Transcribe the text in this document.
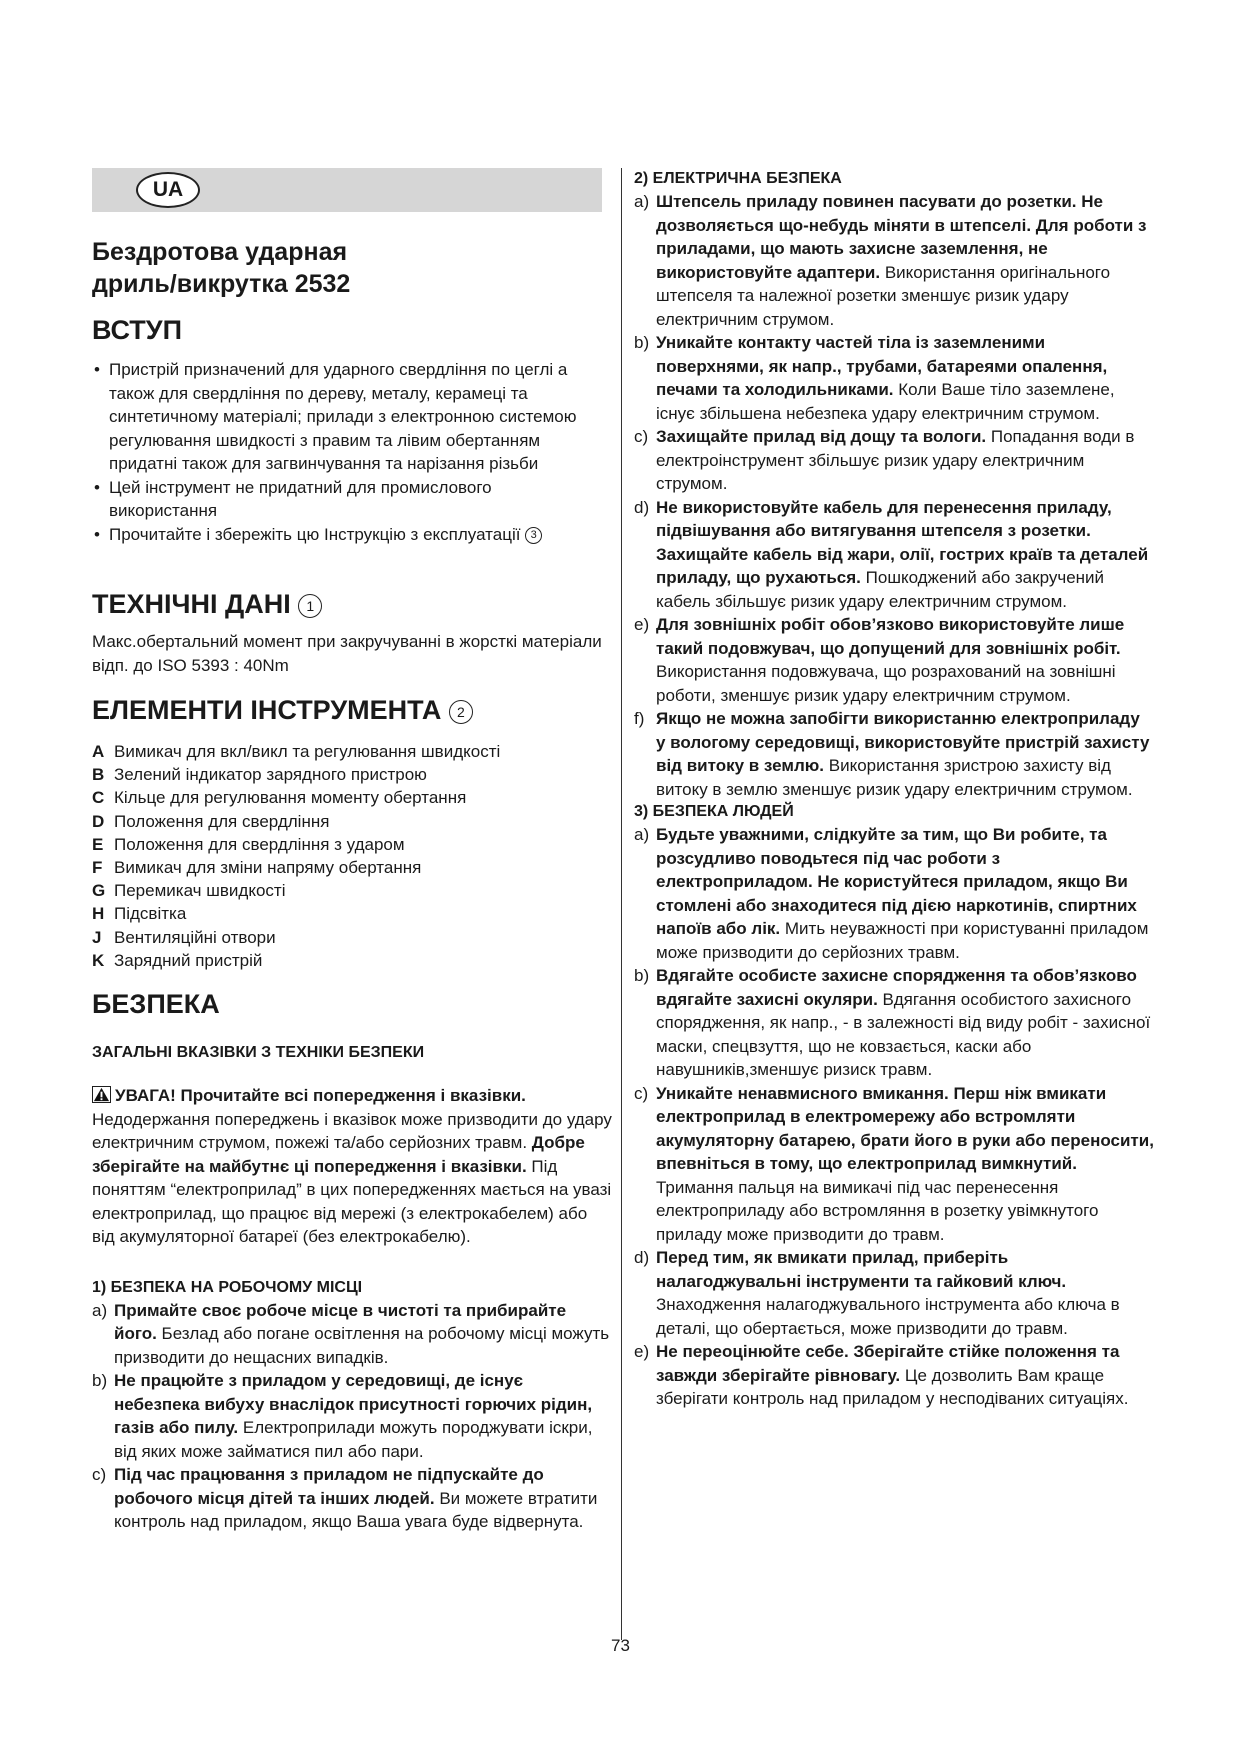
UA
Бездротова ударная
дриль/викрутка 2532
ВСТУП
• Пристрій призначений для ударного свердління по цеглі а також для свердління по дереву, металу, керамеці та синтетичному матеріалі; прилади з електронною системою регулювання швидкості з правим та лівим обертанням придатні також для загвинчування та нарізання різьби
• Цей інструмент не придатний для промислового використання
• Прочитайте і збережіть цю Інструкцію з експлуатації 3
ТЕХНІЧНІ ДАНІ 1
Макс.обертальний момент при закручуванні в жорсткі матеріали відп. до ISO 5393 : 40Nm
ЕЛЕМЕНТИ ІНСТРУМЕНТА 2
A Вимикач для вкл/викл та регулювання швидкості
B Зелений індикатор зарядного пристрою
C Кільце для регулювання моменту обертання
D Положення для свердління
E Положення для свердління з ударом
F Вимикач для зміни напряму обертання
G Перемикач швидкості
H Підсвітка
J Вентиляційні отвори
K Зарядний пристрій
БЕЗПЕКА
ЗАГАЛЬНІ ВКАЗІВКИ З ТЕХНІКИ БЕЗПЕКИ
УВАГА! Прочитайте всі попередження і вказівки. Недодержання попереджень і вказівок може призводити до удару електричним струмом, пожежі та/або серйозних травм. Добре зберігайте на майбутнє ці попередження і вказівки. Під поняттям “електроприлад” в цих попередженнях мається на увазі електроприлад, що працює від мережі (з електрокабелем) або від акумуляторної батареї (без електрокабелю).
1) БЕЗПЕКА НА РОБОЧОМУ МІСЦІ
a) Примайте своє робоче місце в чистоті та прибирайте його. Безлад або погане освітлення на робочому місці можуть призводити до нещасних випадків.
b) Не працюйте з приладом у середовищі, де існує небезпека вибуху внаслідок присутності горючих рідин, газів або пилу. Електроприлади можуть породжувати іскри, від яких може займатися пил або пари.
c) Під час працювання з приладом не підпускайте до робочого місця дітей та інших людей. Ви можете втратити контроль над приладом, якщо Ваша увага буде відвернута.
2) ЕЛЕКТРИЧНА БЕЗПЕКА
a) Штепсель приладу повинен пасувати до розетки. Не дозволяється що-небудь міняти в штепселі. Для роботи з приладами, що мають захисне заземлення, не використовуйте адаптери. Використання оригінального штепселя та належної розетки зменшує ризик удару електричним струмом.
b) Уникайте контакту частей тіла із заземленими поверхнями, як напр., трубами, батареями опалення, печами та холодильниками. Коли Ваше тіло заземлене, існує збільшена небезпека удару електричним струмом.
c) Захищайте прилад від дощу та вологи. Попадання води в електроінструмент збільшує ризик удару електричним струмом.
d) Не використовуйте кабель для перенесення приладу, підвішування або витягування штепселя з розетки. Захищайте кабель від жари, олії, гострих країв та деталей приладу, що рухаються. Пошкоджений або закручений кабель збільшує ризик удару електричним струмом.
e) Для зовнішніх робіт обов’язково використовуйте лише такий подовжувач, що допущений для зовнішніх робіт. Використання подовжувача, що розрахований на зовнішні роботи, зменшує ризик удару електричним струмом.
f) Якщо не можна запобігти використанню електроприладу у вологому середовищі, використовуйте пристрій захисту від витоку в землю. Використання зристрою захисту від витоку в землю зменшує ризик удару електричним струмом.
3) БЕЗПЕКА ЛЮДЕЙ
a) Будьте уважними, слідкуйте за тим, що Ви робите, та розсудливо поводьтеся під час роботи з електроприладом. Не користуйтеся приладом, якщо Ви стомлені або знаходитеся під дією наркотинів, спиртних напоїв або лік. Мить неуважності при користуванні приладом може призводити до серйозних травм.
b) Вдягайте особисте захисне спорядження та обов’язково вдягайте захисні окуляри. Вдягання особистого захисного спорядження, як напр., - в залежності від виду робіт - захисної маски, спецвзуття, що не ковзається, каски або навушників,зменшує ризиск травм.
c) Уникайте ненавмисного вмикання. Перш ніж вмикати електроприлад в електромережу або встромляти акумуляторну батарею, брати його в руки або переносити, впевніться в тому, що електроприлад вимкнутий. Тримання пальця на вимикачі під час перенесення електроприладу або встромляння в розетку увімкнутого приладу може призводити до травм.
d) Перед тим, як вмикати прилад, приберіть налагоджувальні інструменти та гайковий ключ. Знаходження налагоджувального інструмента або ключа в деталі, що обертається, може призводити до травм.
e) Не переоцінюйте себе. Зберігайте стійке положення та завжди зберігайте рівновагу. Це дозволить Вам краще зберігати контроль над приладом у несподіваних ситуаціях.
73
